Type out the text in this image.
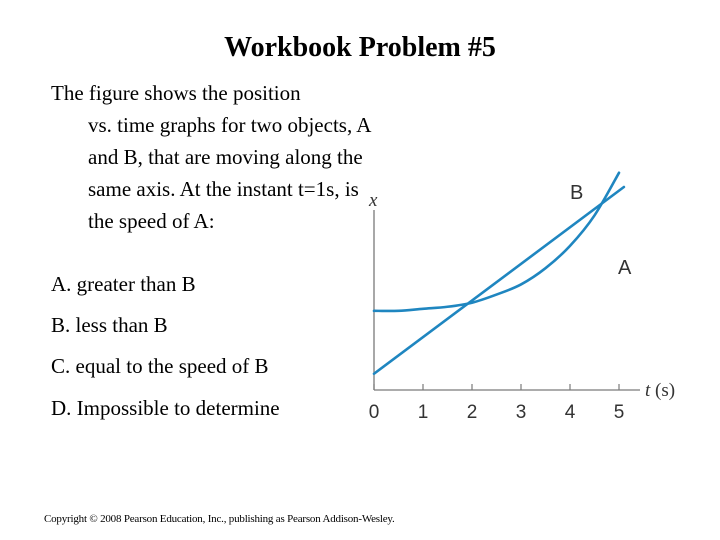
Workbook Problem #5
The figure shows the position
vs. time graphs for two objects, A and B, that are moving along the same axis. At the instant t=1s, is the speed of A:
A. greater than B
B. less than B
C. equal to the speed of B
D. Impossible to determine
x
t (s)
0 1 2 3 4 5
A
B
Copyright © 2008 Pearson Education, Inc., publishing as Pearson Addison-Wesley.
